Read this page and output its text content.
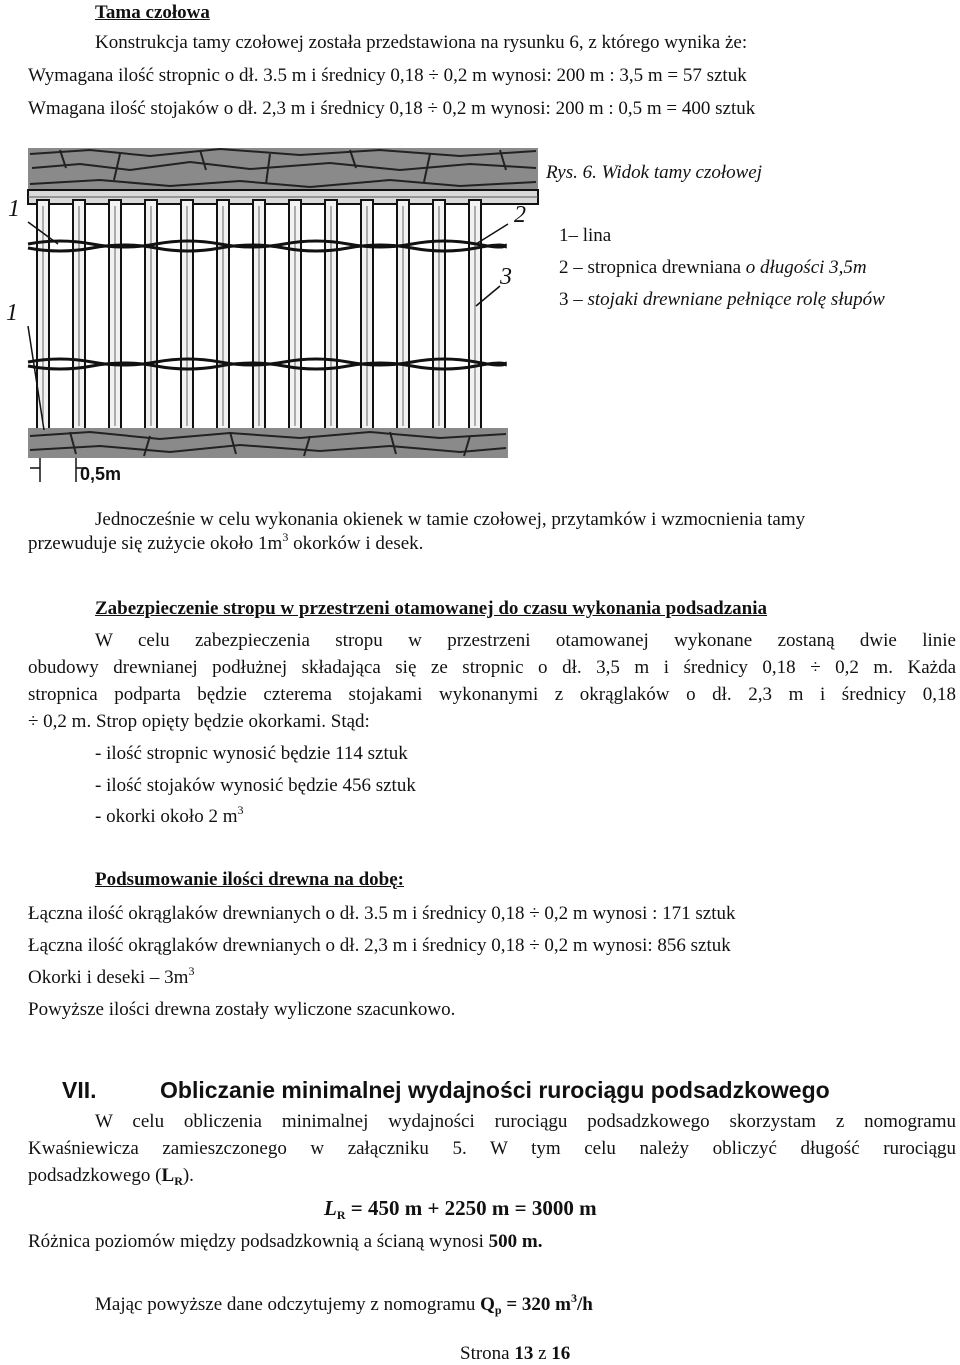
Tama czołowa
Konstrukcja tamy czołowej została przedstawiona na rysunku 6, z którego wynika że:
Wymagana ilość stropnic o dł. 3.5 m i średnicy 0,18 ÷ 0,2 m wynosi: 200 m : 3,5 m = 57 sztuk
Wmagana ilość stojaków o dł. 2,3 m i średnicy 0,18 ÷ 0,2 m wynosi: 200 m : 0,5 m = 400 sztuk
1
1
2
3
0,5m
Rys. 6. Widok tamy czołowej
1– lina
2 – stropnica drewniana o długości 3,5m
3 – stojaki drewniane pełniące rolę słupów
Jednocześnie w celu wykonania okienek w tamie czołowej, przytamków i wzmocnienia tamy
przewuduje się zużycie około $1m^3$ okorków i desek.
Zabezpieczenie stropu w przestrzeni otamowanej do czasu wykonania podsadzania
W celu zabezpieczenia stropu w przestrzeni otamowanej wykonane zostaną dwie linie
obudowy drewnianej podłużnej składająca się ze stropnic o dł. 3,5 m i średnicy 0,18 ÷ 0,2 m. Każda
stropnica podparta będzie czterema stojakami wykonanymi z okrąglaków o dł. 2,3 m i średnicy 0,18
÷ 0,2 m. Strop opięty będzie okorkami. Stąd:
- ilość stropnic wynosić będzie 114 sztuk
- ilość stojaków wynosić będzie 456 sztuk
- okorki około 2 $m^3$
Podsumowanie ilości drewna na dobę:
Łączna ilość okrąglaków drewnianych o dł. 3.5 m i średnicy 0,18 ÷ 0,2 m wynosi : 171 sztuk
Łączna ilość okrąglaków drewnianych o dł. 2,3 m i średnicy 0,18 ÷ 0,2 m wynosi: 856 sztuk
Okorki i deseki – $3m^3$
Powyższe ilości drewna zostały wyliczone szacunkowo.
VII.	Obliczanie minimalnej wydajności rurociągu podsadzkowego
W celu obliczenia minimalnej wydajności rurociągu podsadzkowego skorzystam z nomogramu
Kwaśniewicza zamieszczonego w załączniku 5. W tym celu należy obliczyć długość rurociągu
podsadzkowego $(L_R)$.
$L_R = 450$ m + 2250 m = 3000 m
Różnica poziomów między podsadzkownią a ścianą wynosi 500 m.
Mając powyższe dane odczytujemy z nomogramu $Q_p = 320$ $m^3/h$
Strona 13 z 16
